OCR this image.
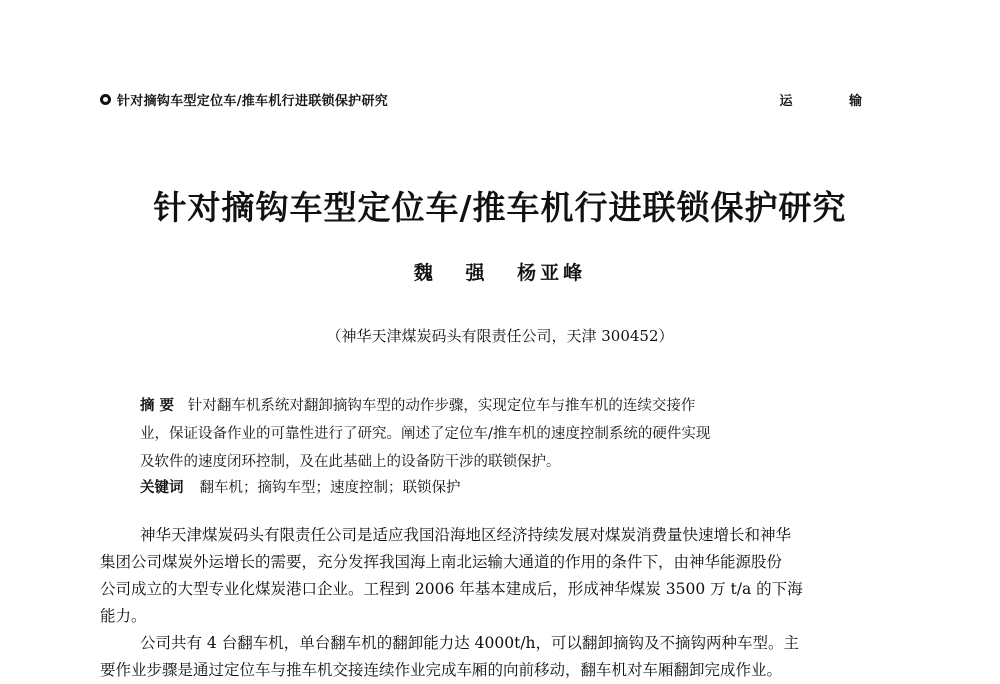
针对摘钩车型定位车/推车机行进联锁保护研究	运 输
针对摘钩车型定位车/推车机行进联锁保护研究
魏 强 杨亚峰
（神华天津煤炭码头有限责任公司，天津 300452）
摘 要 针对翻车机系统对翻卸摘钩车型的动作步骤，实现定位车与推车机的连续交接作
业，保证设备作业的可靠性进行了研究。阐述了定位车/推车机的速度控制系统的硬件实现
及软件的速度闭环控制，及在此基础上的设备防干涉的联锁保护。
关键词 翻车机；摘钩车型；速度控制；联锁保护
神华天津煤炭码头有限责任公司是适应我国沿海地区经济持续发展对煤炭消费量快速增长和神华
集团公司煤炭外运增长的需要，充分发挥我国海上南北运输大通道的作用的条件下，由神华能源股份
公司成立的大型专业化煤炭港口企业。工程到 2006 年基本建成后，形成神华煤炭 3500 万 t/a 的下海
能力。
公司共有 4 台翻车机，单台翻车机的翻卸能力达 4000t/h，可以翻卸摘钩及不摘钩两种车型。主
要作业步骤是通过定位车与推车机交接连续作业完成车厢的向前移动，翻车机对车厢翻卸完成作业。
